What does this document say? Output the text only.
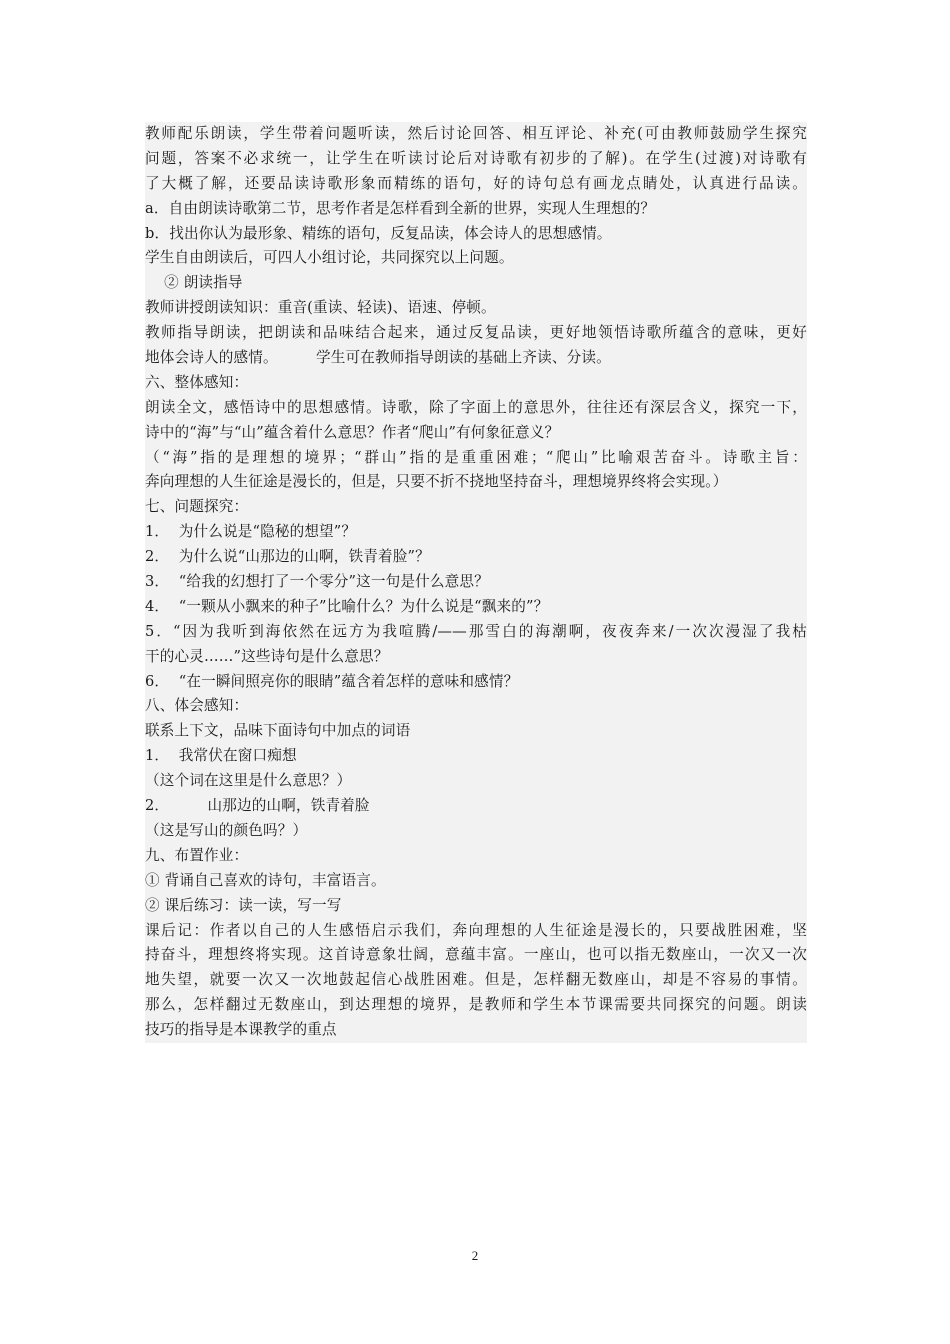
教师配乐朗读，学生带着问题听读，然后讨论回答、相互评论、补充(可由教师鼓励学生探究
问题，答案不必求统一，让学生在听读讨论后对诗歌有初步的了解)。在学生(过渡)对诗歌有
了大概了解，还要品读诗歌形象而精练的语句，好的诗句总有画龙点睛处，认真进行品读。
a．自由朗读诗歌第二节，思考作者是怎样看到全新的世界，实现人生理想的？
b．找出你认为最形象、精练的语句，反复品读，体会诗人的思想感情。
学生自由朗读后，可四人小组讨论，共同探究以上问题。
② 朗读指导
教师讲授朗读知识：重音(重读、轻读)、语速、停顿。
教师指导朗读，把朗读和品味结合起来，通过反复品读，更好地领悟诗歌所蕴含的意味，更好
地体会诗人的感情。        学生可在教师指导朗读的基础上齐读、分读。
六、整体感知：
朗读全文，感悟诗中的思想感情。诗歌，除了字面上的意思外，往往还有深层含义，探究一下，
诗中的“海”与“山”蕴含着什么意思？作者“爬山”有何象征意义？
（“海”指的是理想的境界；“群山”指的是重重困难；“爬山”比喻艰苦奋斗。诗歌主旨：
奔向理想的人生征途是漫长的，但是，只要不折不挠地坚持奋斗，理想境界终将会实现。）
七、问题探究：
1．  为什么说是“隐秘的想望”？
2．  为什么说“山那边的山啊，铁青着脸”？
3．  “给我的幻想打了一个零分”这一句是什么意思？
4．  “一颗从小飘来的种子”比喻什么？为什么说是“飘来的”？
5．“因为我听到海依然在远方为我喧腾/——那雪白的海潮啊，夜夜奔来/一次次漫湿了我枯
干的心灵……”这些诗句是什么意思？
6．  “在一瞬间照亮你的眼睛”蕴含着怎样的意味和感情？
八、体会感知：
联系上下文，品味下面诗句中加点的词语
1．  我常伏在窗口痴想
（这个词在这里是什么意思？）
2．        山那边的山啊，铁青着脸
（这是写山的颜色吗？）
九、布置作业：
① 背诵自己喜欢的诗句，丰富语言。
② 课后练习：读一读，写一写
课后记：作者以自己的人生感悟启示我们，奔向理想的人生征途是漫长的，只要战胜困难，坚
持奋斗，理想终将实现。这首诗意象壮阔，意蕴丰富。一座山，也可以指无数座山，一次又一次
地失望，就要一次又一次地鼓起信心战胜困难。但是，怎样翻无数座山，却是不容易的事情。
那么，怎样翻过无数座山，到达理想的境界，是教师和学生本节课需要共同探究的问题。朗读
技巧的指导是本课教学的重点
2
